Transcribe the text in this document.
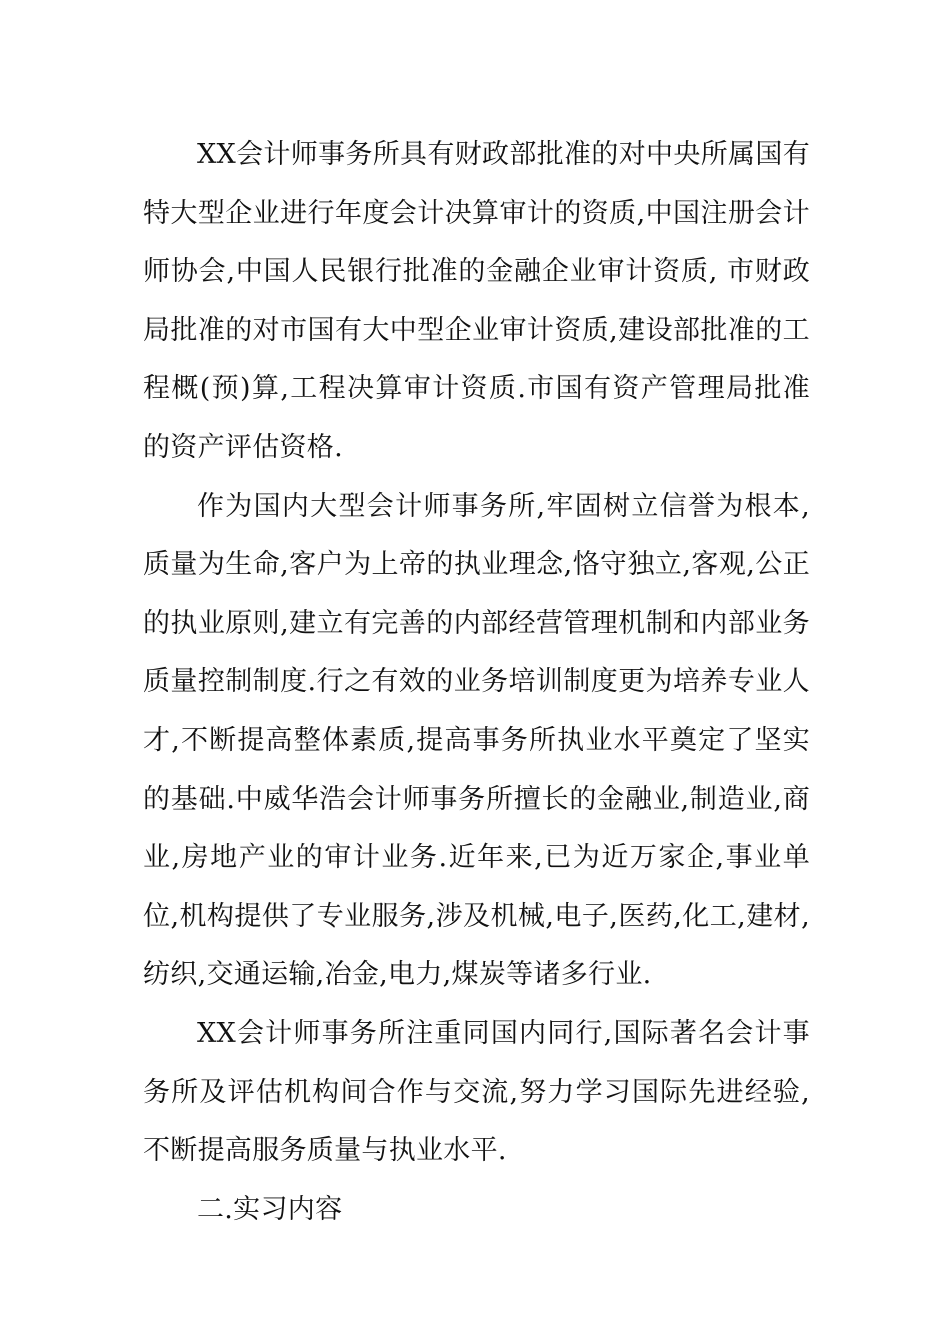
XX会计师事务所具有财政部批准的对中央所属国有特大型企业进行年度会计决算审计的资质,中国注册会计师协会,中国人民银行批准的金融企业审计资质, 市财政局批准的对市国有大中型企业审计资质,建设部批准的工程概(预)算,工程决算审计资质.市国有资产管理局批准的资产评估资格.

作为国内大型会计师事务所,牢固树立信誉为根本,质量为生命,客户为上帝的执业理念,恪守独立,客观,公正的执业原则,建立有完善的内部经营管理机制和内部业务质量控制制度.行之有效的业务培训制度更为培养专业人才,不断提高整体素质,提高事务所执业水平奠定了坚实的基础.中威华浩会计师事务所擅长的金融业,制造业,商业,房地产业的审计业务.近年来,已为近万家企,事业单位,机构提供了专业服务,涉及机械,电子,医药,化工,建材,纺织,交通运输,冶金,电力,煤炭等诸多行业.

XX会计师事务所注重同国内同行,国际著名会计事务所及评估机构间合作与交流,努力学习国际先进经验,不断提高服务质量与执业水平.

二.实习内容
